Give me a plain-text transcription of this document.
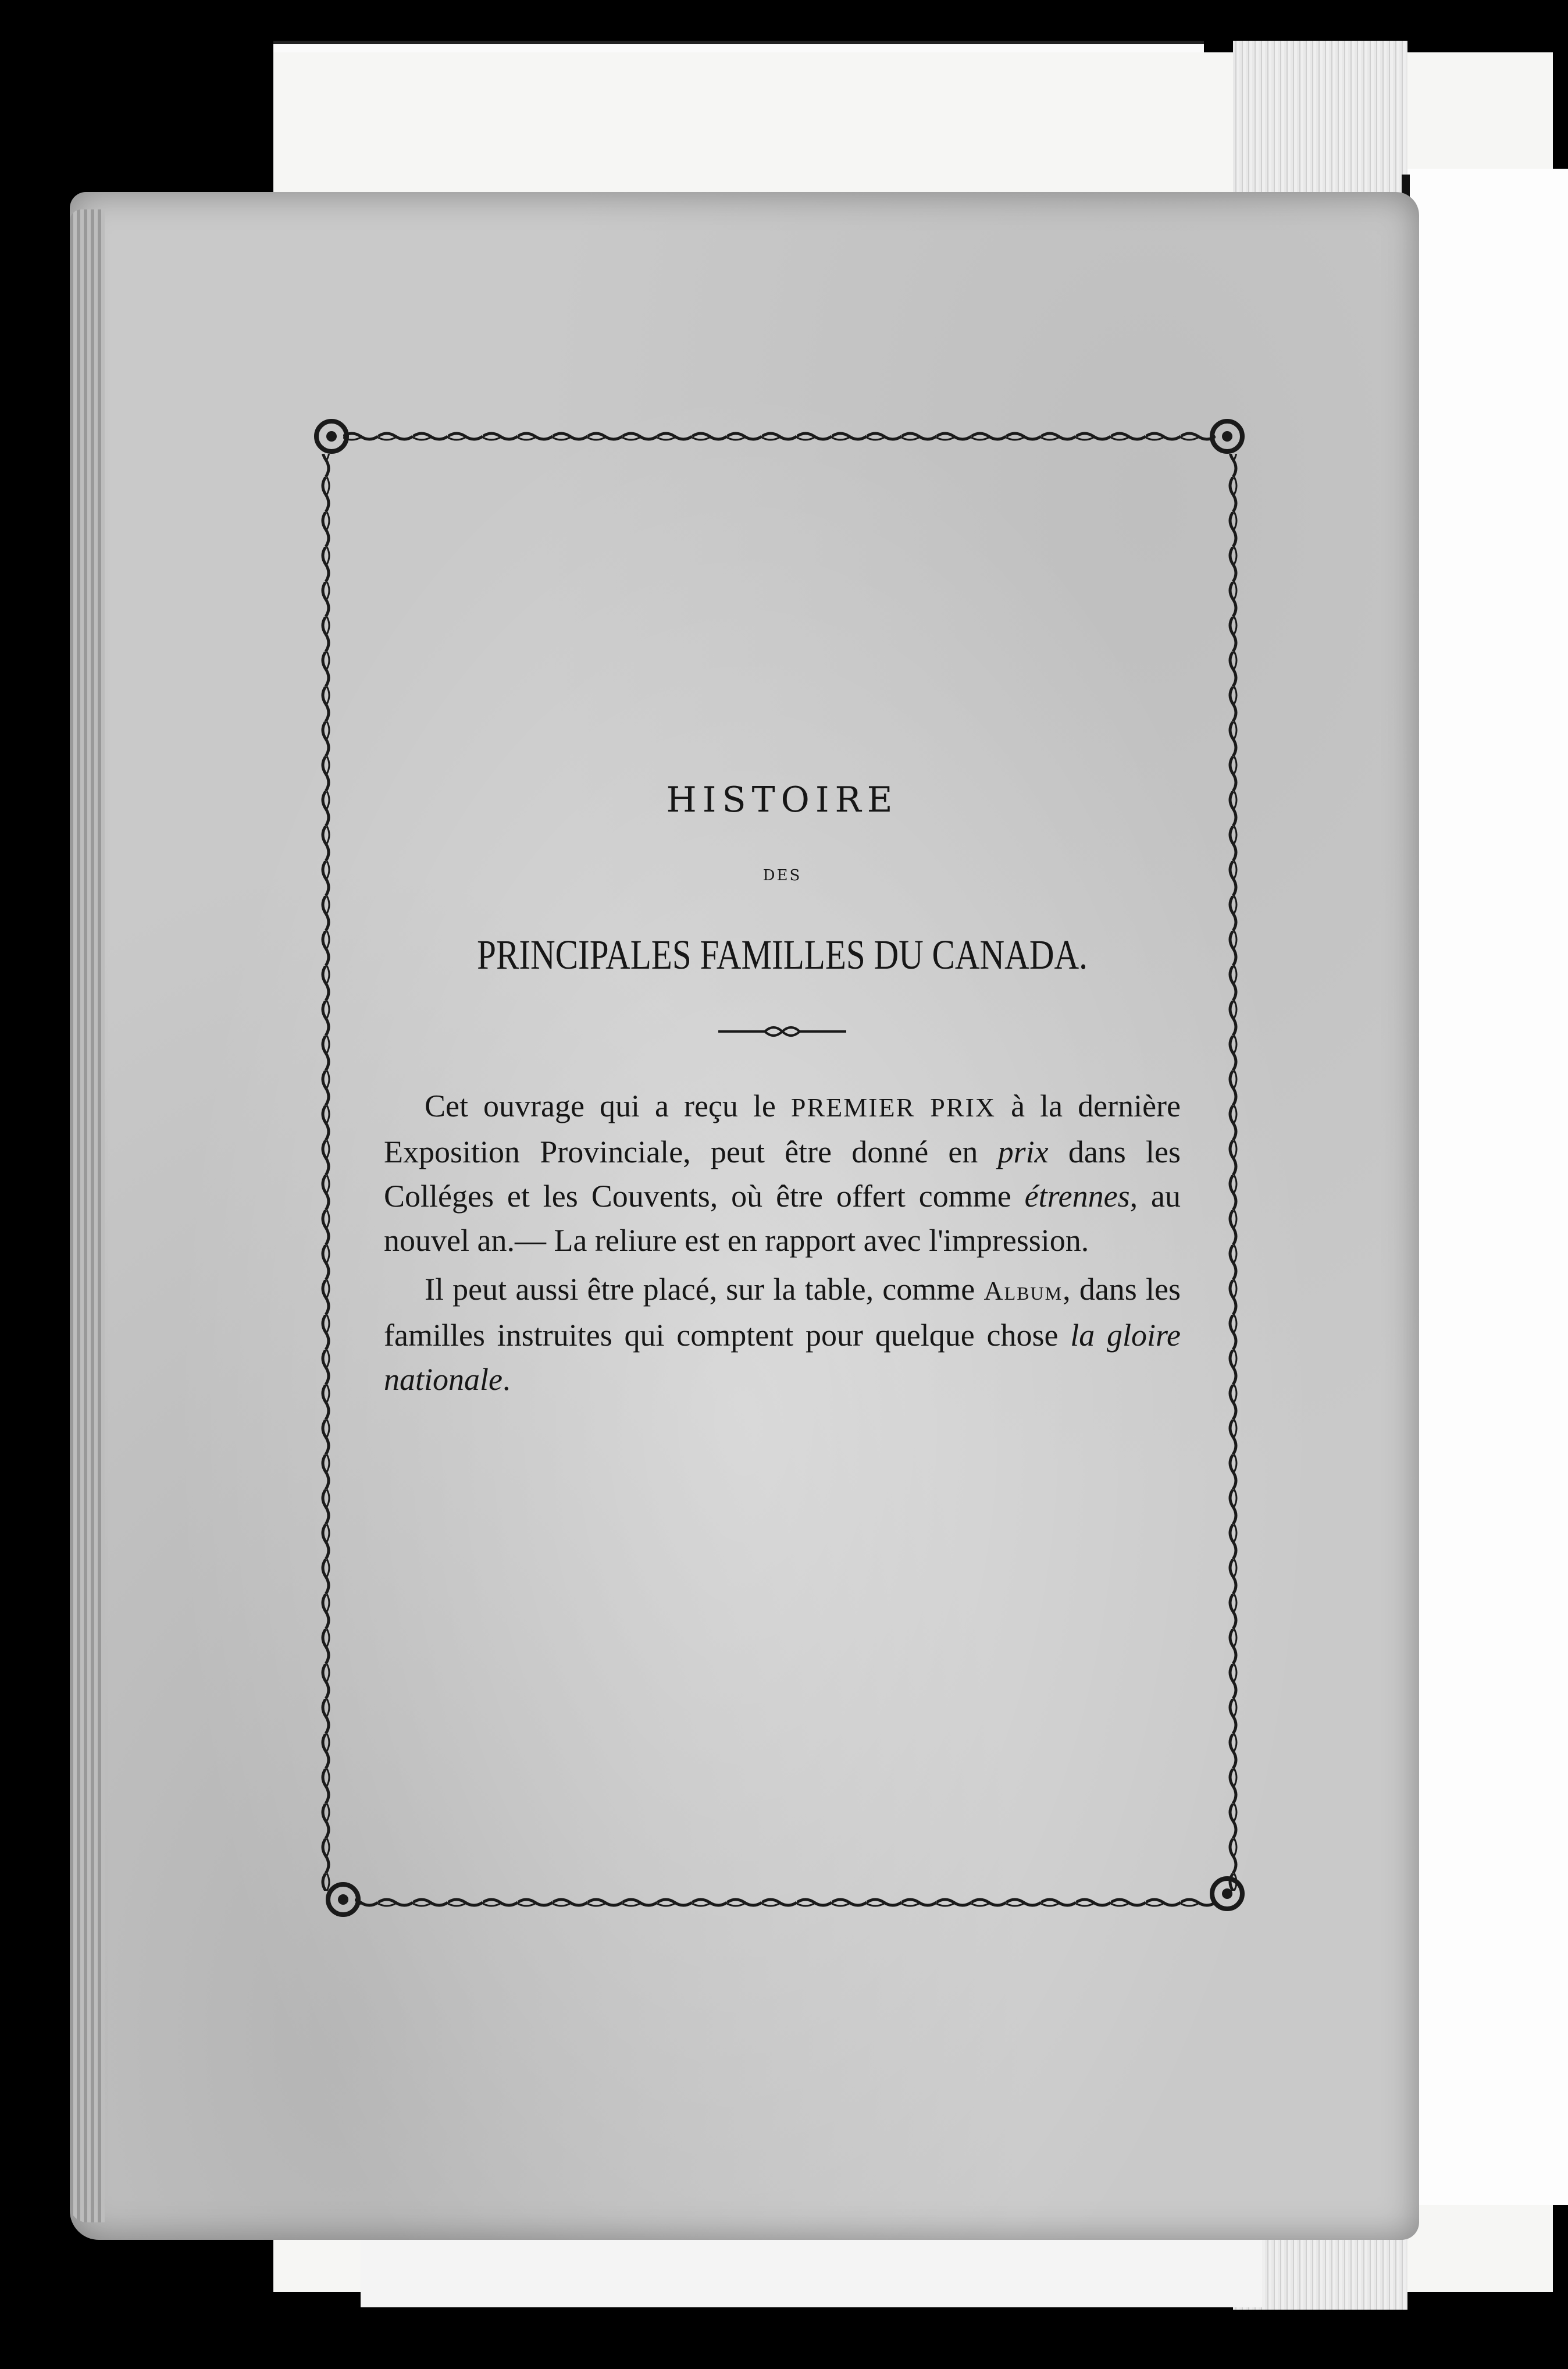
HISTOIRE

DES
PRINCIPALES FAMILLES DU CANADA.

Cet ouvrage qui a reçu le PREMIER PRIX à la dernière Exposition Provinciale, peut être donné en prix dans les Colléges et les Couvents, où être offert comme étrennes, au nouvel an.— La reliure est en rapport avec l'impression.

Il peut aussi être placé, sur la table, comme Album, dans les familles instruites qui comptent pour quelque chose la gloire nationale.
